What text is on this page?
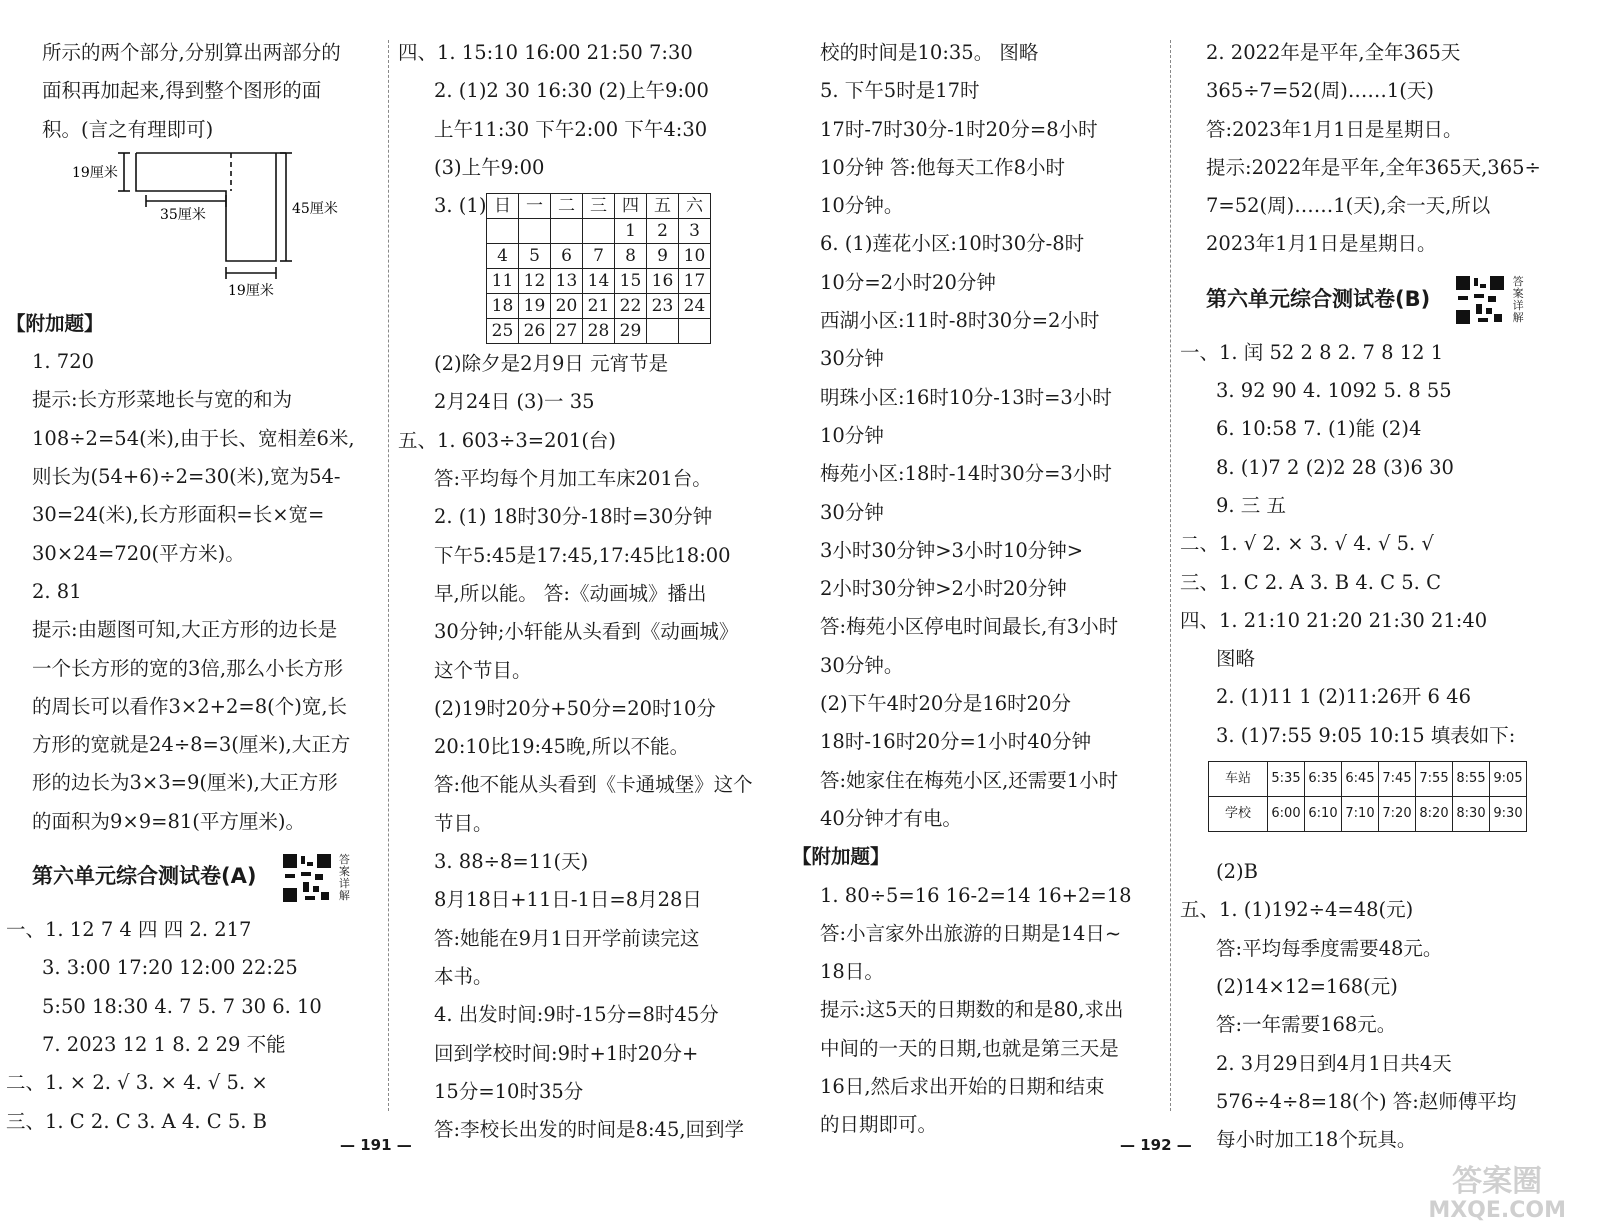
所示的两个部分,分别算出两部分的
面积再加起来,得到整个图形的面
积。(言之有理即可)
19厘米
35厘米	45厘米
19厘米
【附加题】
1. 720
提示:长方形菜地长与宽的和为
108÷2=54(米),由于长、宽相差6米,
则长为(54+6)÷2=30(米),宽为54-
30=24(米),长方形面积=长×宽=
30×24=720(平方米)。
2. 81
提示:由题图可知,大正方形的边长是
一个长方形的宽的3倍,那么小长方形
的周长可以看作3×2+2=8(个)宽,长
方形的宽就是24÷8=3(厘米),大正方
形的边长为3×3=9(厘米),大正方形
的面积为9×9=81(平方厘米)。
第六单元综合测试卷(A)  答案详解
一、1. 12 7 4 四 四 2. 217
3. 3:00 17:20 12:00 22:25
5:50 18:30 4. 7 5. 7 30 6. 10
7. 2023 12 1 8. 2 29 不能
二、1. × 2. √ 3. × 4. √ 5. ×
三、1. C 2. C 3. A 4. C 5. B
四、1. 15:10 16:00 21:50 7:30
2. (1)2 30 16:30 (2)上午9:00
上午11:30 下午2:00 下午4:30
(3)上午9:00
3. (1) 日	一	二	三	四	五	六
				1	2	3
4	5	6	7	8	9	10
11	12	13	14	15	16	17
18	19	20	21	22	23	24
25	26	27	28	29		
(2)除夕是2月9日 元宵节是
2月24日 (3)一 35
五、1. 603÷3=201(台)
答:平均每个月加工车床201台。
2. (1) 18时30分-18时=30分钟
下午5:45是17:45,17:45比18:00
早,所以能。 答:《动画城》播出
30分钟;小轩能从头看到《动画城》
这个节目。
(2)19时20分+50分=20时10分
20:10比19:45晚,所以不能。
答:他不能从头看到《卡通城堡》这个
节目。
3. 88÷8=11(天)
8月18日+11日-1日=8月28日
答:她能在9月1日开学前读完这
本书。
4. 出发时间:9时-15分=8时45分
回到学校时间:9时+1时20分+
15分=10时35分
答:李校长出发的时间是8:45,回到学
— 191 —
校的时间是10:35。 图略
5. 下午5时是17时
17时-7时30分-1时20分=8小时
10分钟 答:他每天工作8小时
10分钟。
6. (1)莲花小区:10时30分-8时
10分=2小时20分钟
西湖小区:11时-8时30分=2小时
30分钟
明珠小区:16时10分-13时=3小时
10分钟
梅苑小区:18时-14时30分=3小时
30分钟
3小时30分钟>3小时10分钟>
2小时30分钟>2小时20分钟
答:梅苑小区停电时间最长,有3小时
30分钟。
(2)下午4时20分是16时20分
18时-16时20分=1小时40分钟
答:她家住在梅苑小区,还需要1小时
40分钟才有电。
【附加题】
1. 80÷5=16 16-2=14 16+2=18
答:小言家外出旅游的日期是14日~
18日。
提示:这5天的日期数的和是80,求出
中间的一天的日期,也就是第三天是
16日,然后求出开始的日期和结束
的日期即可。
— 192 —
2. 2022年是平年,全年365天
365÷7=52(周)……1(天)
答:2023年1月1日是星期日。
提示:2022年是平年,全年365天,365÷
7=52(周)……1(天),余一天,所以
2023年1月1日是星期日。
第六单元综合测试卷(B)  答案详解
一、1. 闰 52 2 8 2. 7 8 12 1
3. 92 90 4. 1092 5. 8 55
6. 10:58 7. (1)能 (2)4
8. (1)7 2 (2)2 28 (3)6 30
9. 三 五
二、1. √ 2. × 3. √ 4. √ 5. √
三、1. C 2. A 3. B 4. C 5. C
四、1. 21:10 21:20 21:30 21:40
图略
2. (1)11 1 (2)11:26开 6 46
3. (1)7:55 9:05 10:15 填表如下:
车站	5:35	6:35	6:45	7:45	7:55	8:55	9:05
学校	6:00	6:10	7:10	7:20	8:20	8:30	9:30
(2)B
五、1. (1)192÷4=48(元)
答:平均每季度需要48元。
(2)14×12=168(元)
答:一年需要168元。
2. 3月29日到4月1日共4天
576÷4÷8=18(个) 答:赵师傅平均
每小时加工18个玩具。
答案圈
MXQE.COM
